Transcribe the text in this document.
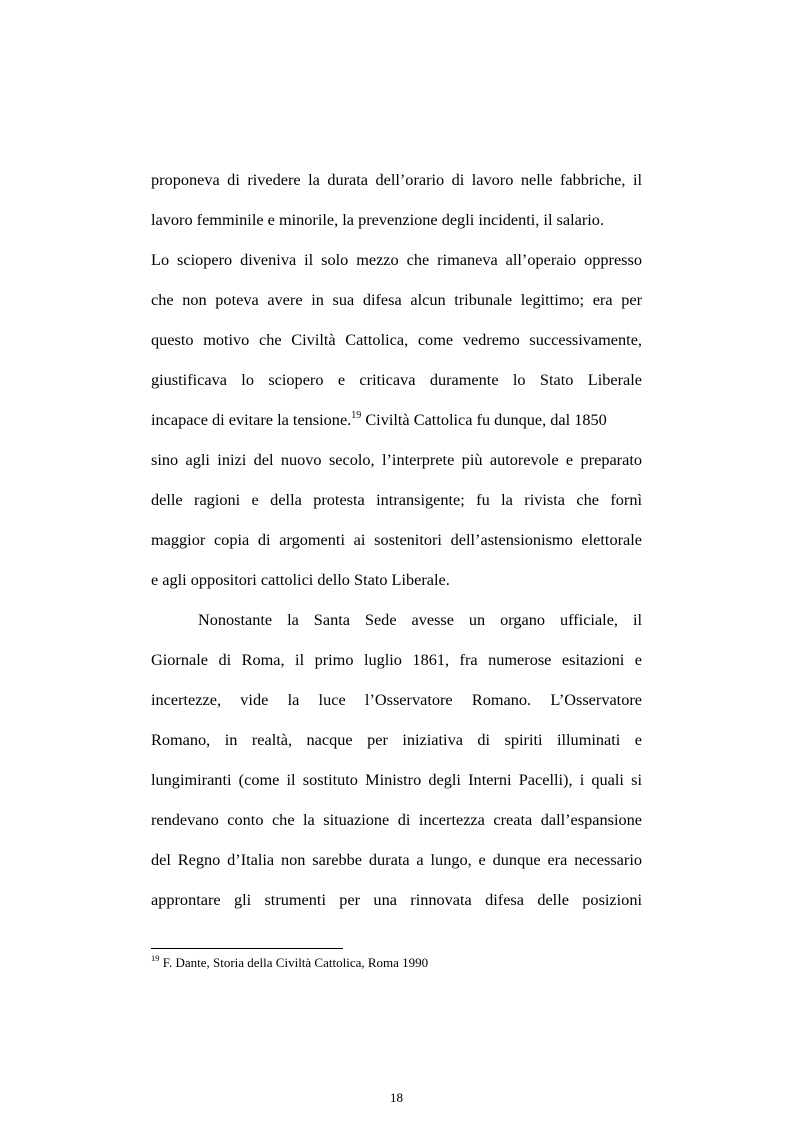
proponeva di rivedere la durata dell’orario di lavoro nelle fabbriche, il
lavoro femminile e minorile, la prevenzione degli incidenti, il salario.
Lo sciopero diveniva il solo mezzo che rimaneva all’operaio oppresso
che non poteva avere in sua difesa alcun tribunale legittimo; era per
questo motivo che Civiltà Cattolica, come vedremo successivamente,
giustificava lo sciopero e criticava duramente lo Stato Liberale
incapace di evitare la tensione.$^{19}$ Civiltà Cattolica fu dunque, dal 1850
sino agli inizi del nuovo secolo, l’interprete più autorevole e preparato
delle ragioni e della protesta intransigente; fu la rivista che fornì
maggior copia di argomenti ai sostenitori dell’astensionismo elettorale
e agli oppositori cattolici dello Stato Liberale.
Nonostante la Santa Sede avesse un organo ufficiale, il
Giornale di Roma, il primo luglio 1861, fra numerose esitazioni e
incertezze, vide la luce l’Osservatore Romano. L’Osservatore
Romano, in realtà, nacque per iniziativa di spiriti illuminati e
lungimiranti (come il sostituto Ministro degli Interni Pacelli), i quali si
rendevano conto che la situazione di incertezza creata dall’espansione
del Regno d’Italia non sarebbe durata a lungo, e dunque era necessario
approntare gli strumenti per una rinnovata difesa delle posizioni
$^{19}$ F. Dante, Storia della Civiltà Cattolica, Roma 1990
18
